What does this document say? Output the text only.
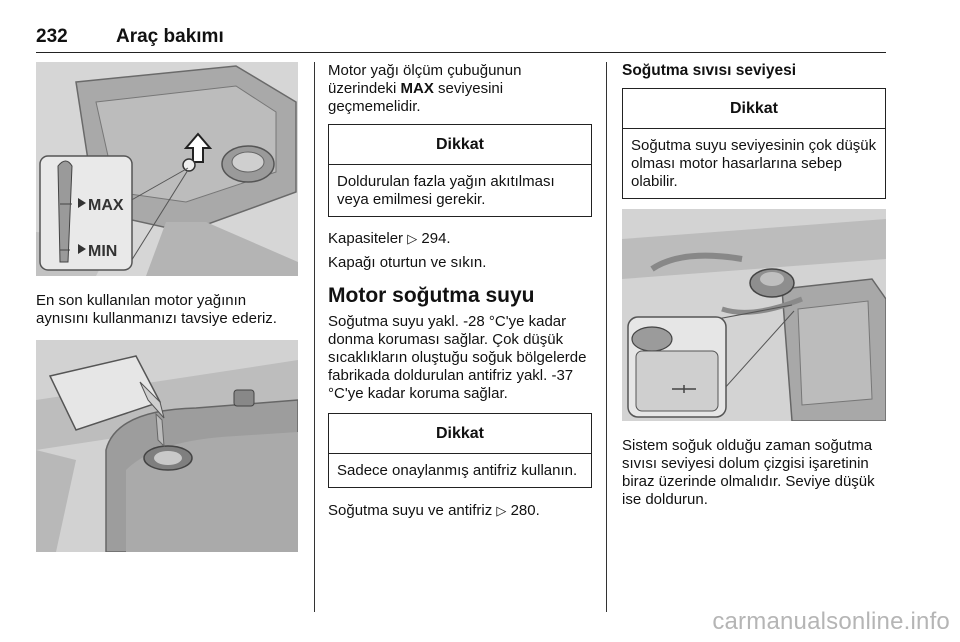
232	Araç bakımı
MAX
MIN

En son kullanılan motor yağının aynısını kullanmanızı tavsiye ederiz.

Motor yağı ölçüm çubuğunun

üzerindeki MAX seviyesini

geçmemelidir.

Dikkat
Doldurulan fazla yağın akıtılması veya emilmesi gerekir.

Kapasiteler ▷ 294.

Kapağı oturtun ve sıkın.

Motor soğutma suyu

Soğutma suyu yakl. -28 °C'ye kadar donma koruması sağlar. Çok düşük sıcaklıkların oluştuğu soğuk bölgelerde fabrikada doldurulan antifriz yakl. -37 °C'ye kadar koruma sağlar.

Dikkat
Sadece onaylanmış antifriz kullanın.

Soğutma suyu ve antifriz ▷ 280.

Soğutma sıvısı seviyesi
Dikkat
Soğutma suyu seviyesinin çok düşük olması motor hasarlarına sebep olabilir.

Sistem soğuk olduğu zaman soğutma sıvısı seviyesi dolum çizgisi işaretinin biraz üzerinde olmalıdır. Seviye düşük ise doldurun.

carmanualsonline.info
